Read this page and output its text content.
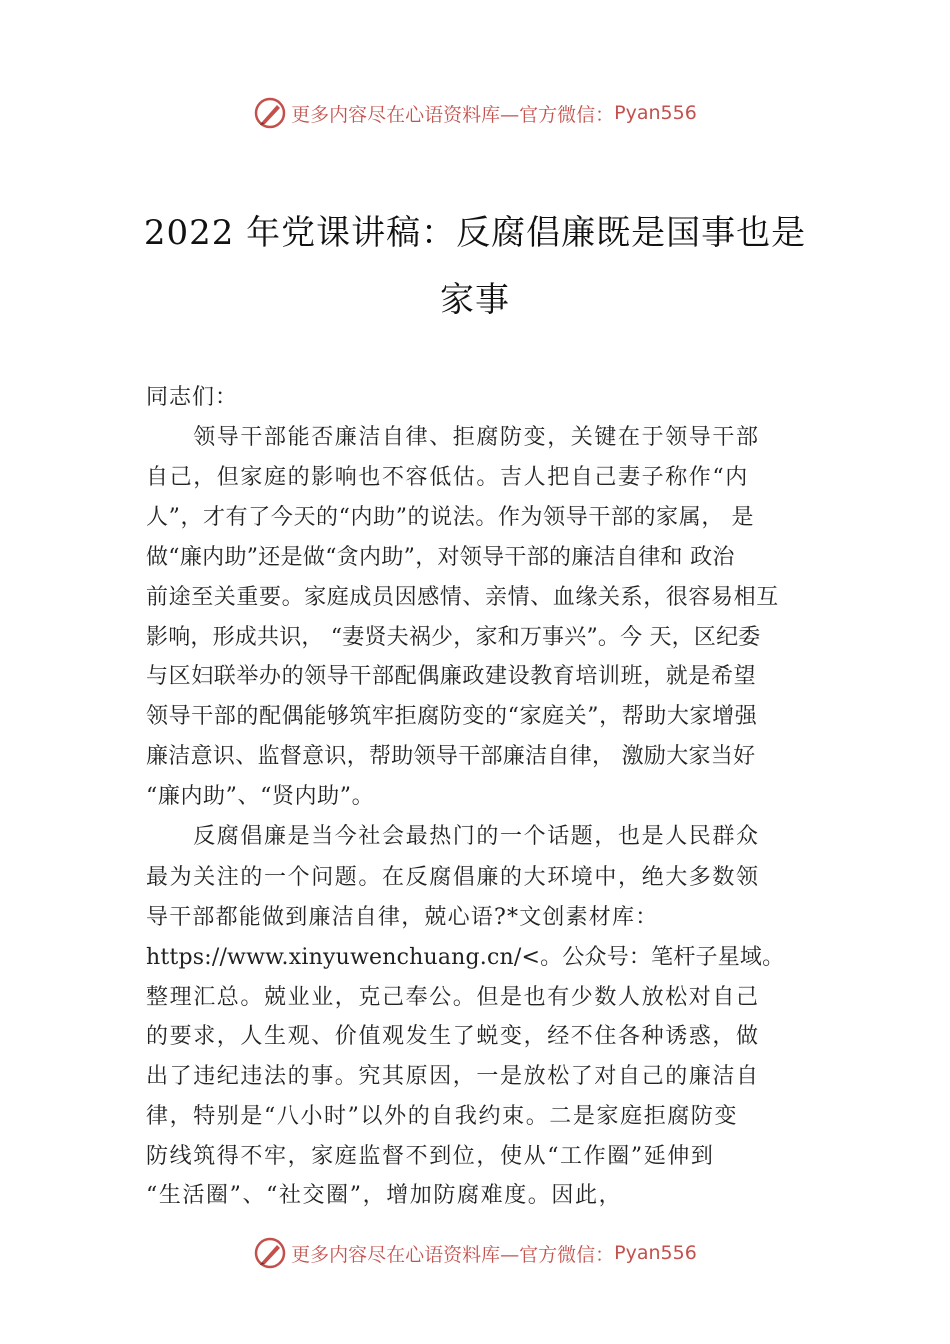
更多内容尽在心语资料库—官方微信： Pyan556
2022 年党课讲稿：反腐倡廉既是国事也是
家事
同志们：
　　领导干部能否廉洁自律、拒腐防变，关键在于领导干部
自己，但家庭的影响也不容低估。吉人把自己妻子称作“内
人”，才有了今天的“内助”的说法。作为领导干部的家属， 是
做“廉内助”还是做“贪内助”，对领导干部的廉洁自律和 政治
前途至关重要。家庭成员因感情、亲情、血缘关系，很容易相互
影响，形成共识， “妻贤夫祸少，家和万事兴”。今 天，区纪委
与区妇联举办的领导干部配偶廉政建设教育培训班，就是希望
领导干部的配偶能够筑牢拒腐防变的“家庭关”，帮助大家增强
廉洁意识、监督意识，帮助领导干部廉洁自律， 激励大家当好
“廉内助”、“贤内助”。
　　反腐倡廉是当今社会最热门的一个话题，也是人民群众
最为关注的一个问题。在反腐倡廉的大环境中，绝大多数领
导干部都能做到廉洁自律，兢心语?*文创素材库：
https://www.xinyuwenchuang.cn/<。公众号：笔杆子星域。
整理汇总。兢业业，克己奉公。但是也有少数人放松对自己
的要求，人生观、价值观发生了蜕变，经不住各种诱惑，做
出了违纪违法的事。究其原因，一是放松了对自己的廉洁自
律，特别是“八小时”以外的自我约束。二是家庭拒腐防变
防线筑得不牢，家庭监督不到位，使从“工作圈”延伸到
“生活圈”、“社交圈”，增加防腐难度。因此，
更多内容尽在心语资料库—官方微信： Pyan556
